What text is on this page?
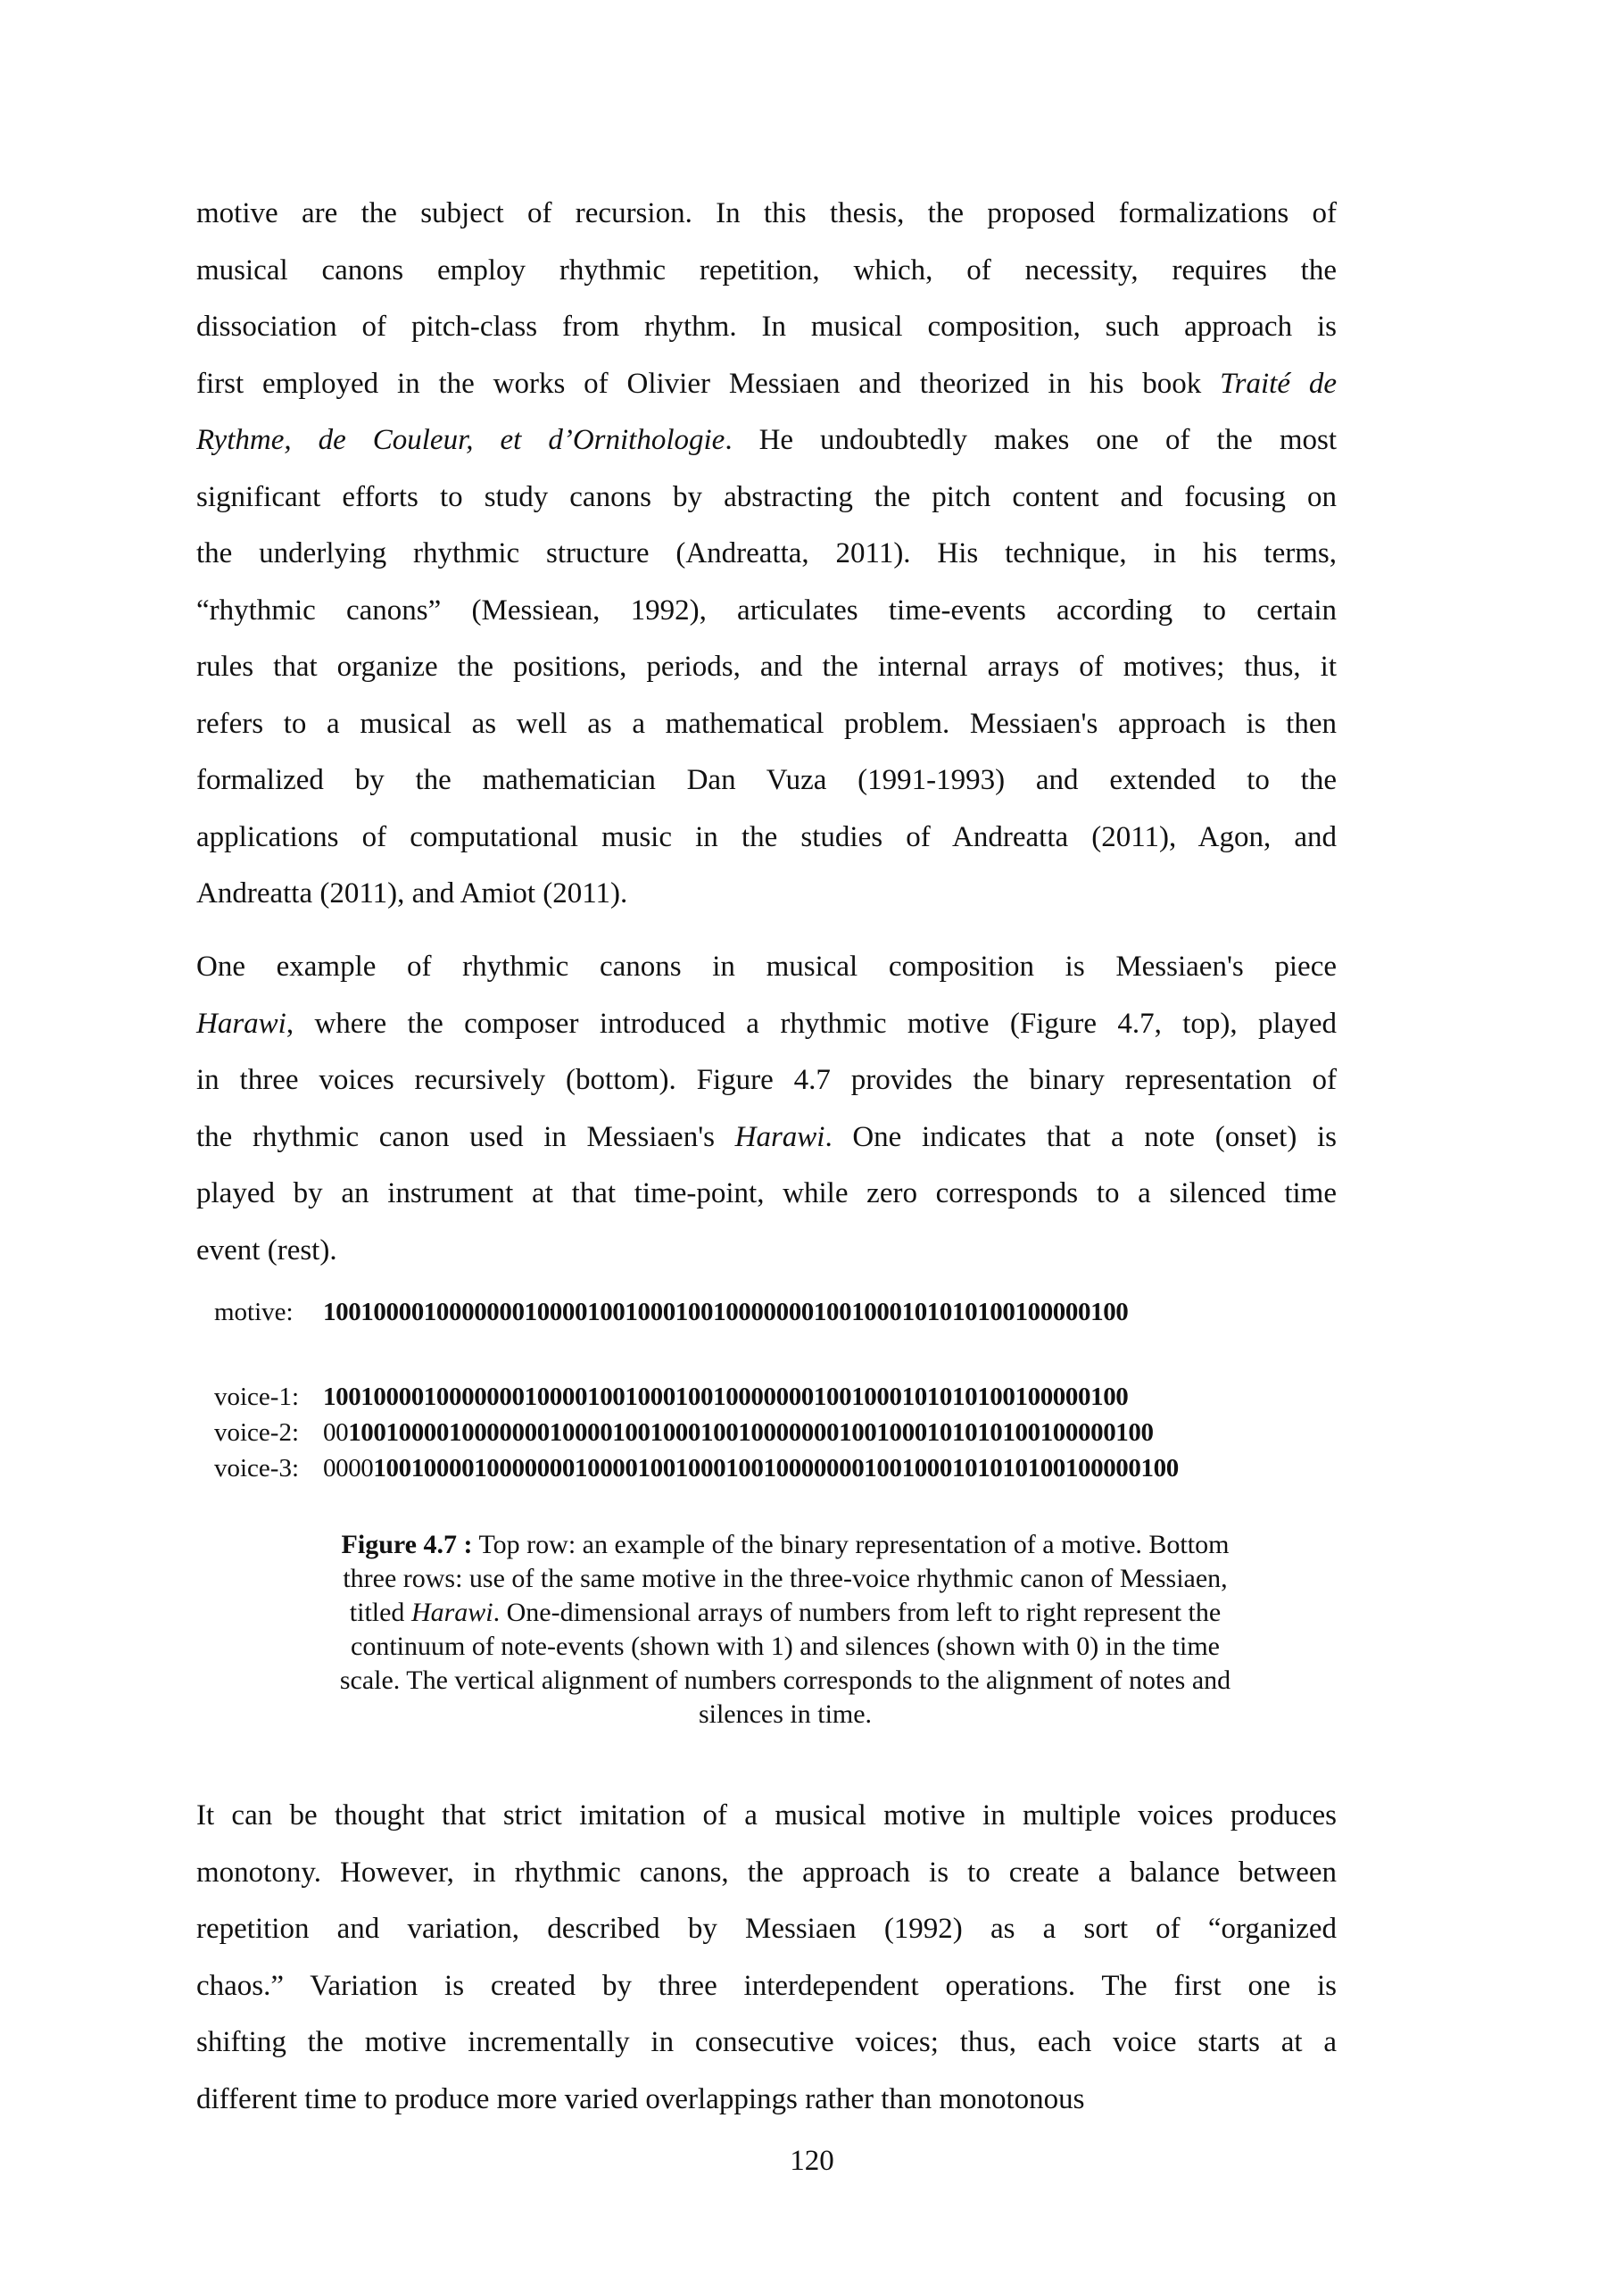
motive are the subject of recursion. In this thesis, the proposed formalizations of
musical canons employ rhythmic repetition, which, of necessity, requires the
dissociation of pitch-class from rhythm. In musical composition, such approach is
first employed in the works of Olivier Messiaen and theorized in his book Traité de
Rythme, de Couleur, et d’Ornithologie. He undoubtedly makes one of the most
significant efforts to study canons by abstracting the pitch content and focusing on
the underlying rhythmic structure (Andreatta, 2011). His technique, in his terms,
“rhythmic canons” (Messiean, 1992), articulates time-events according to certain
rules that organize the positions, periods, and the internal arrays of motives; thus, it
refers to a musical as well as a mathematical problem. Messiaen's approach is then
formalized by the mathematician Dan Vuza (1991-1993) and extended to the
applications of computational music in the studies of Andreatta (2011), Agon, and
Andreatta (2011), and Amiot (2011).
One example of rhythmic canons in musical composition is Messiaen's piece
Harawi, where the composer introduced a rhythmic motive (Figure 4.7, top), played
in three voices recursively (bottom). Figure 4.7 provides the binary representation of
the rhythmic canon used in Messiaen's Harawi. One indicates that a note (onset) is
played by an instrument at that time-point, while zero corresponds to a silenced time
event (rest).
motive: 1001000010000000100001001000100100000001001000101010100100000100
voice-1: 1001000010000000100001001000100100000001001000101010100100000100
voice-2: 001001000010000000100001001000100100000001001000101010100100000100
voice-3: 00001001000010000000100001001000100100000001001000101010100100000100
Figure 4.7 : Top row: an example of the binary representation of a motive. Bottom
three rows: use of the same motive in the three-voice rhythmic canon of Messiaen,
titled Harawi. One-dimensional arrays of numbers from left to right represent the
continuum of note-events (shown with 1) and silences (shown with 0) in the time
scale. The vertical alignment of numbers corresponds to the alignment of notes and
silences in time.
It can be thought that strict imitation of a musical motive in multiple voices produces
monotony. However, in rhythmic canons, the approach is to create a balance between
repetition and variation, described by Messiaen (1992) as a sort of “organized
chaos.” Variation is created by three interdependent operations. The first one is
shifting the motive incrementally in consecutive voices; thus, each voice starts at a
different time to produce more varied overlappings rather than monotonous
120
